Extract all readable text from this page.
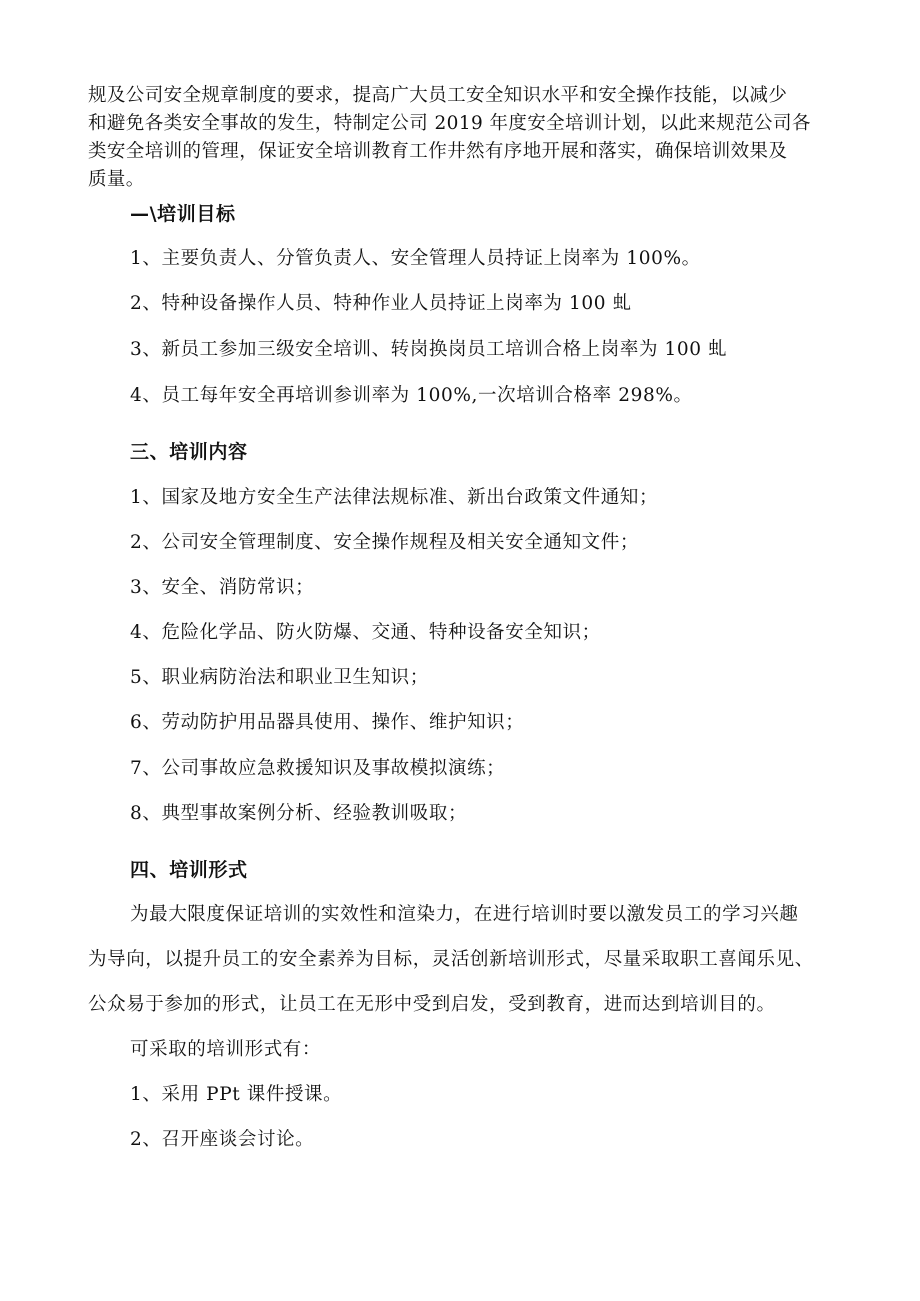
规及公司安全规章制度的要求，提高广大员工安全知识水平和安全操作技能，以减少
和避免各类安全事故的发生，特制定公司 2019 年度安全培训计划，以此来规范公司各
类安全培训的管理，保证安全培训教育工作井然有序地开展和落实，确保培训效果及
质量。
—\培训目标
1、主要负责人、分管负责人、安全管理人员持证上岗率为 100%。
2、特种设备操作人员、特种作业人员持证上岗率为 100 虬
3、新员工参加三级安全培训、转岗换岗员工培训合格上岗率为 100 虬
4、员工每年安全再培训参训率为 100%,一次培训合格率 298%。
三、培训内容
1、国家及地方安全生产法律法规标准、新出台政策文件通知；
2、公司安全管理制度、安全操作规程及相关安全通知文件；
3、安全、消防常识；
4、危险化学品、防火防爆、交通、特种设备安全知识；
5、职业病防治法和职业卫生知识；
6、劳动防护用品器具使用、操作、维护知识；
7、公司事故应急救援知识及事故模拟演练；
8、典型事故案例分析、经验教训吸取；
四、培训形式
为最大限度保证培训的实效性和渲染力，在进行培训时要以激发员工的学习兴趣
为导向，以提升员工的安全素养为目标，灵活创新培训形式，尽量采取职工喜闻乐见、
公众易于参加的形式，让员工在无形中受到启发，受到教育，进而达到培训目的。
可采取的培训形式有：
1、采用 PPt 课件授课。
2、召开座谈会讨论。
